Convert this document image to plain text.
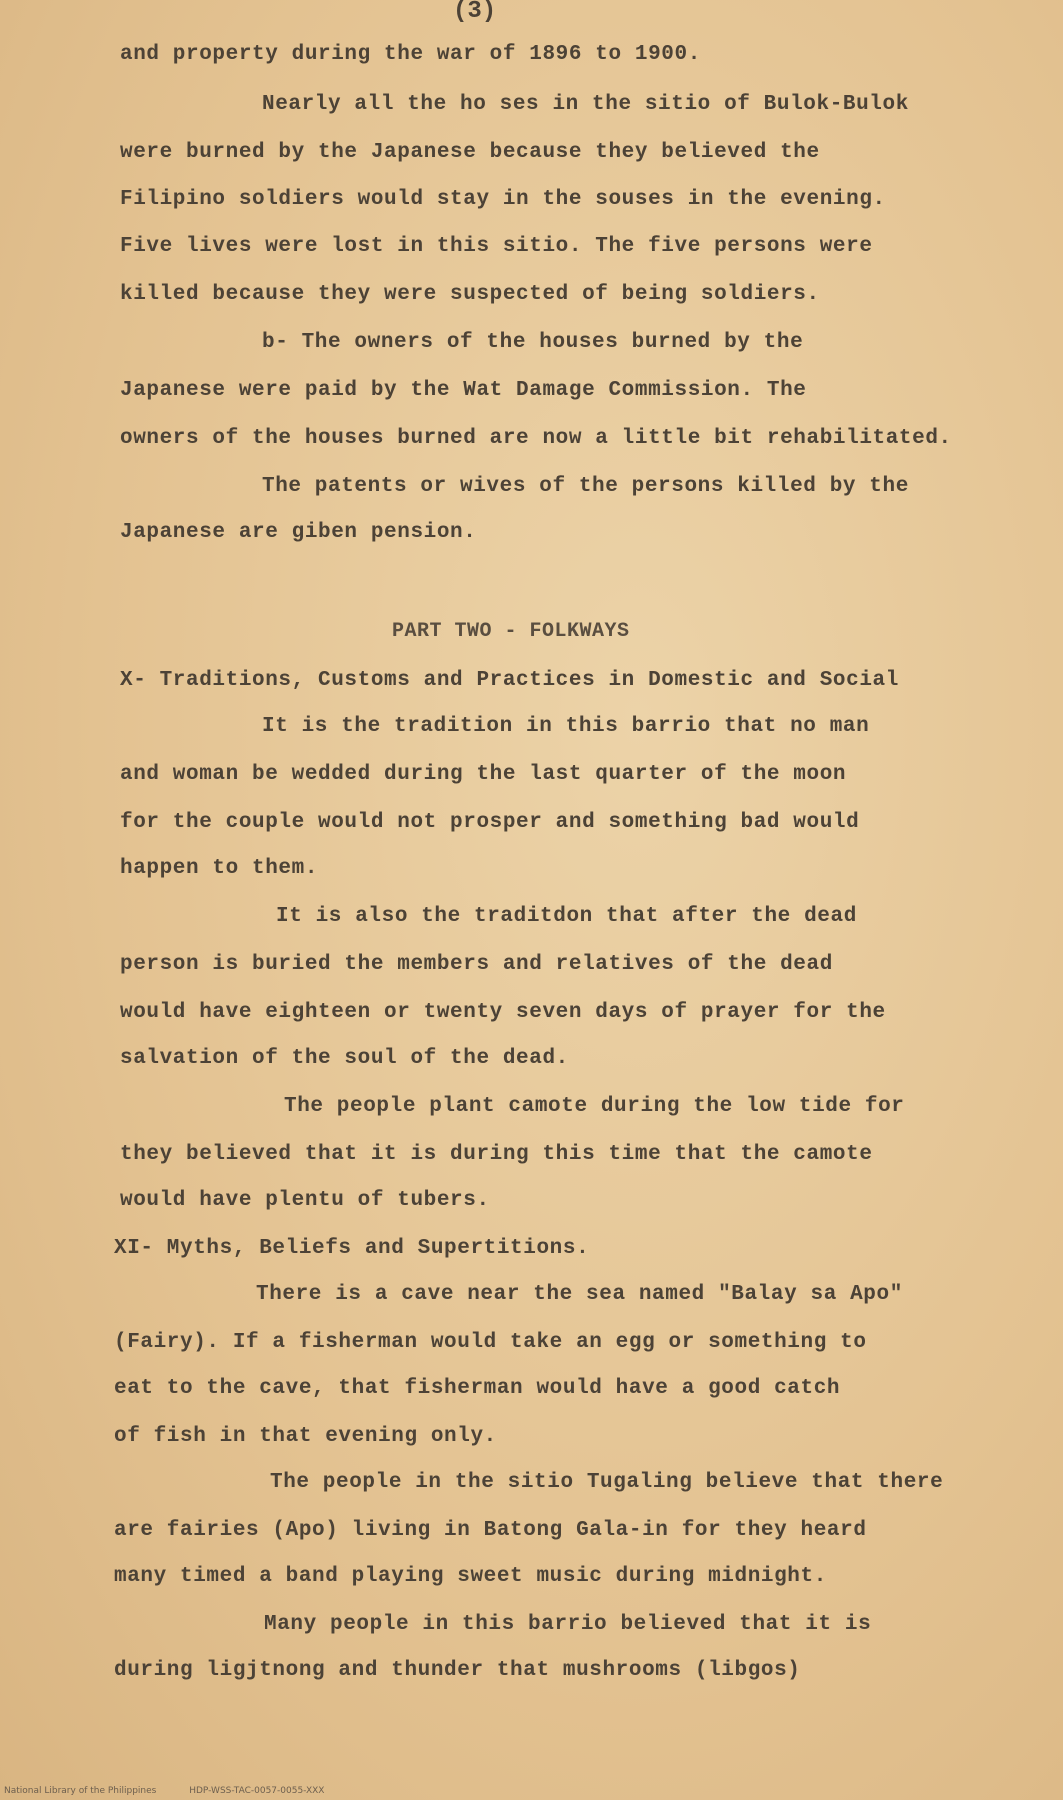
(3)
and property during the war of 1896 to 1900.
Nearly all the ho ses in the sitio of Bulok-Bulok
were burned by the Japanese because they believed the
Filipino soldiers would stay in the souses in the evening.
Five lives were lost in this sitio. The five persons were
killed because they were suspected of being soldiers.
b- The owners of the houses burned by the
Japanese were paid by the Wat Damage Commission. The
owners of the houses burned are now a little bit rehabilitated.
The patents or wives of the persons killed by the
Japanese are giben pension.
PART TWO - FOLKWAYS
X- Traditions, Customs and Practices in Domestic and Social
It is the tradition in this barrio that no man
and woman be wedded during the last quarter of the moon
for the couple would not prosper and something bad would
happen to them.
It is also the traditdon that after the dead
person is buried the members and relatives of the dead
would have eighteen or twenty seven days of prayer for the
salvation of the soul of the dead.
The people plant camote during the low tide for
they believed that it is during this time that the camote
would have plentu of tubers.
XI- Myths, Beliefs and Supertitions.
There is a cave near the sea named "Balay sa Apo"
(Fairy). If a fisherman would take an egg or something to
eat to the cave, that fisherman would have a good catch
of fish in that evening only.
The people in the sitio Tugaling believe that there
are fairies (Apo) living in Batong Gala-in for they heard
many timed a band playing sweet music during midnight.
Many people in this barrio believed that it is
during ligjtnong and thunder that mushrooms (libgos)
National Library of the Philippines	HDP-WSS-TAC-0057-0055-XXX
